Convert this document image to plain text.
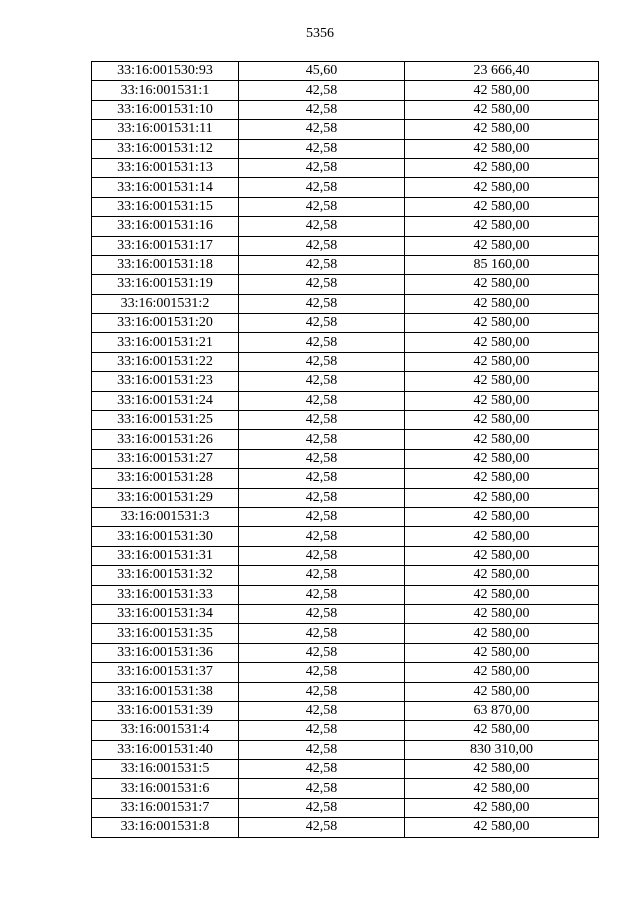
5356
33:16:001530:93	45,60	23 666,40
33:16:001531:1	42,58	42 580,00
33:16:001531:10	42,58	42 580,00
33:16:001531:11	42,58	42 580,00
33:16:001531:12	42,58	42 580,00
33:16:001531:13	42,58	42 580,00
33:16:001531:14	42,58	42 580,00
33:16:001531:15	42,58	42 580,00
33:16:001531:16	42,58	42 580,00
33:16:001531:17	42,58	42 580,00
33:16:001531:18	42,58	85 160,00
33:16:001531:19	42,58	42 580,00
33:16:001531:2	42,58	42 580,00
33:16:001531:20	42,58	42 580,00
33:16:001531:21	42,58	42 580,00
33:16:001531:22	42,58	42 580,00
33:16:001531:23	42,58	42 580,00
33:16:001531:24	42,58	42 580,00
33:16:001531:25	42,58	42 580,00
33:16:001531:26	42,58	42 580,00
33:16:001531:27	42,58	42 580,00
33:16:001531:28	42,58	42 580,00
33:16:001531:29	42,58	42 580,00
33:16:001531:3	42,58	42 580,00
33:16:001531:30	42,58	42 580,00
33:16:001531:31	42,58	42 580,00
33:16:001531:32	42,58	42 580,00
33:16:001531:33	42,58	42 580,00
33:16:001531:34	42,58	42 580,00
33:16:001531:35	42,58	42 580,00
33:16:001531:36	42,58	42 580,00
33:16:001531:37	42,58	42 580,00
33:16:001531:38	42,58	42 580,00
33:16:001531:39	42,58	63 870,00
33:16:001531:4	42,58	42 580,00
33:16:001531:40	42,58	830 310,00
33:16:001531:5	42,58	42 580,00
33:16:001531:6	42,58	42 580,00
33:16:001531:7	42,58	42 580,00
33:16:001531:8	42,58	42 580,00
